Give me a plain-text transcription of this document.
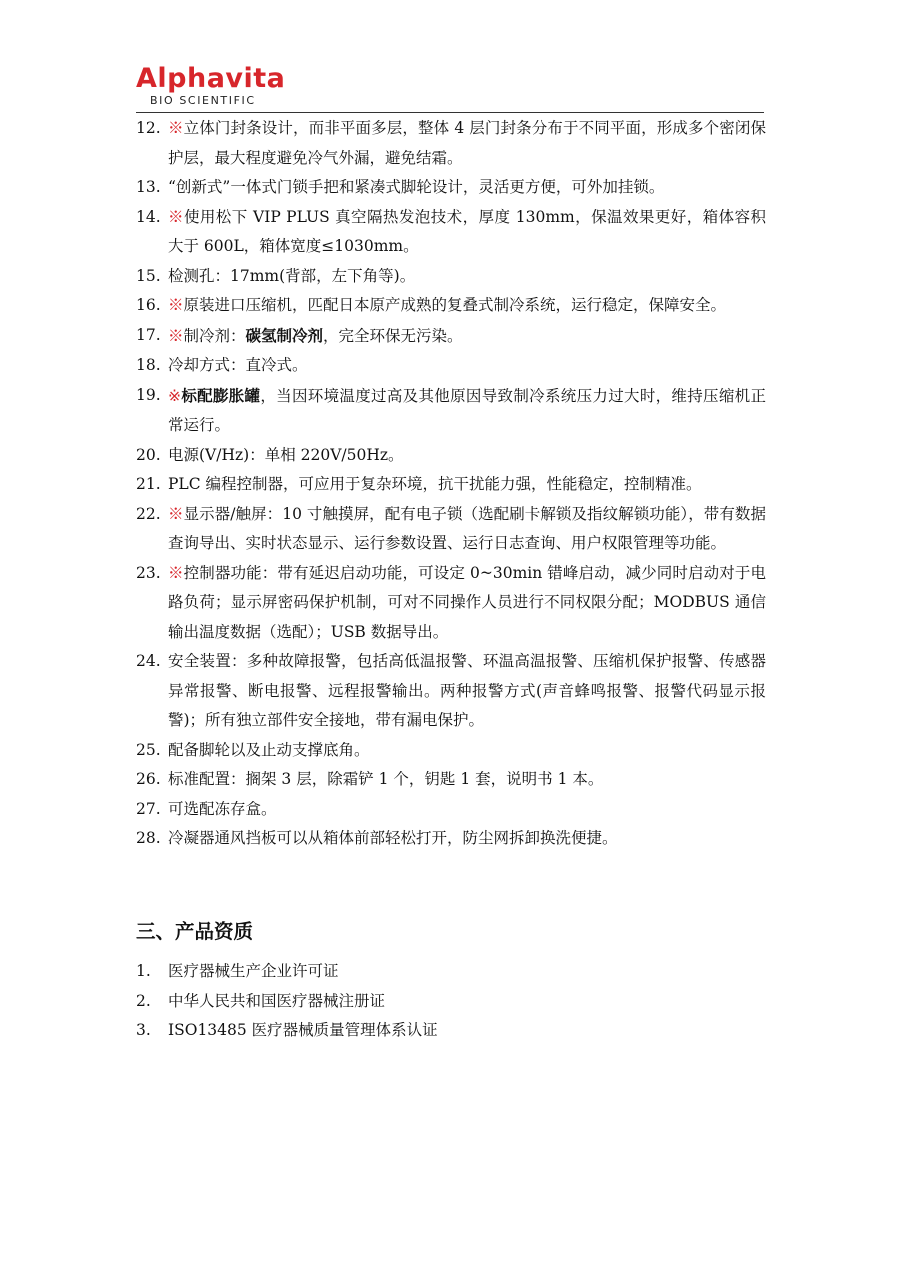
Alphavita
BIO SCIENTIFIC
12. ※立体门封条设计，而非平面多层，整体 4 层门封条分布于不同平面，形成多个密闭保护层，最大程度避免冷气外漏，避免结霜。
13. “创新式”一体式门锁手把和紧凑式脚轮设计，灵活更方便，可外加挂锁。
14. ※使用松下 VIP PLUS 真空隔热发泡技术，厚度 130mm，保温效果更好，箱体容积大于 600L，箱体宽度≤1030mm。
15. 检测孔：17mm(背部，左下角等)。
16. ※原装进口压缩机，匹配日本原产成熟的复叠式制冷系统，运行稳定，保障安全。
17. ※制冷剂：碳氢制冷剂，完全环保无污染。
18. 冷却方式：直冷式。
19. ※标配膨胀罐，当因环境温度过高及其他原因导致制冷系统压力过大时，维持压缩机正常运行。
20. 电源(V/Hz)：单相 220V/50Hz。
21. PLC 编程控制器，可应用于复杂环境，抗干扰能力强，性能稳定，控制精准。
22. ※显示器/触屏：10 寸触摸屏，配有电子锁（选配刷卡解锁及指纹解锁功能），带有数据查询导出、实时状态显示、运行参数设置、运行日志查询、用户权限管理等功能。
23. ※控制器功能：带有延迟启动功能，可设定 0~30min 错峰启动，减少同时启动对于电路负荷；显示屏密码保护机制，可对不同操作人员进行不同权限分配；MODBUS 通信输出温度数据（选配）；USB 数据导出。
24. 安全装置：多种故障报警，包括高低温报警、环温高温报警、压缩机保护报警、传感器异常报警、断电报警、远程报警输出。两种报警方式(声音蜂鸣报警、报警代码显示报警)；所有独立部件安全接地，带有漏电保护。
25. 配备脚轮以及止动支撑底角。
26. 标准配置：搁架 3 层，除霜铲 1 个，钥匙 1 套，说明书 1 本。
27. 可选配冻存盒。
28. 冷凝器通风挡板可以从箱体前部轻松打开，防尘网拆卸换洗便捷。
三、产品资质
1.	医疗器械生产企业许可证
2.	中华人民共和国医疗器械注册证
3.	ISO13485 医疗器械质量管理体系认证
